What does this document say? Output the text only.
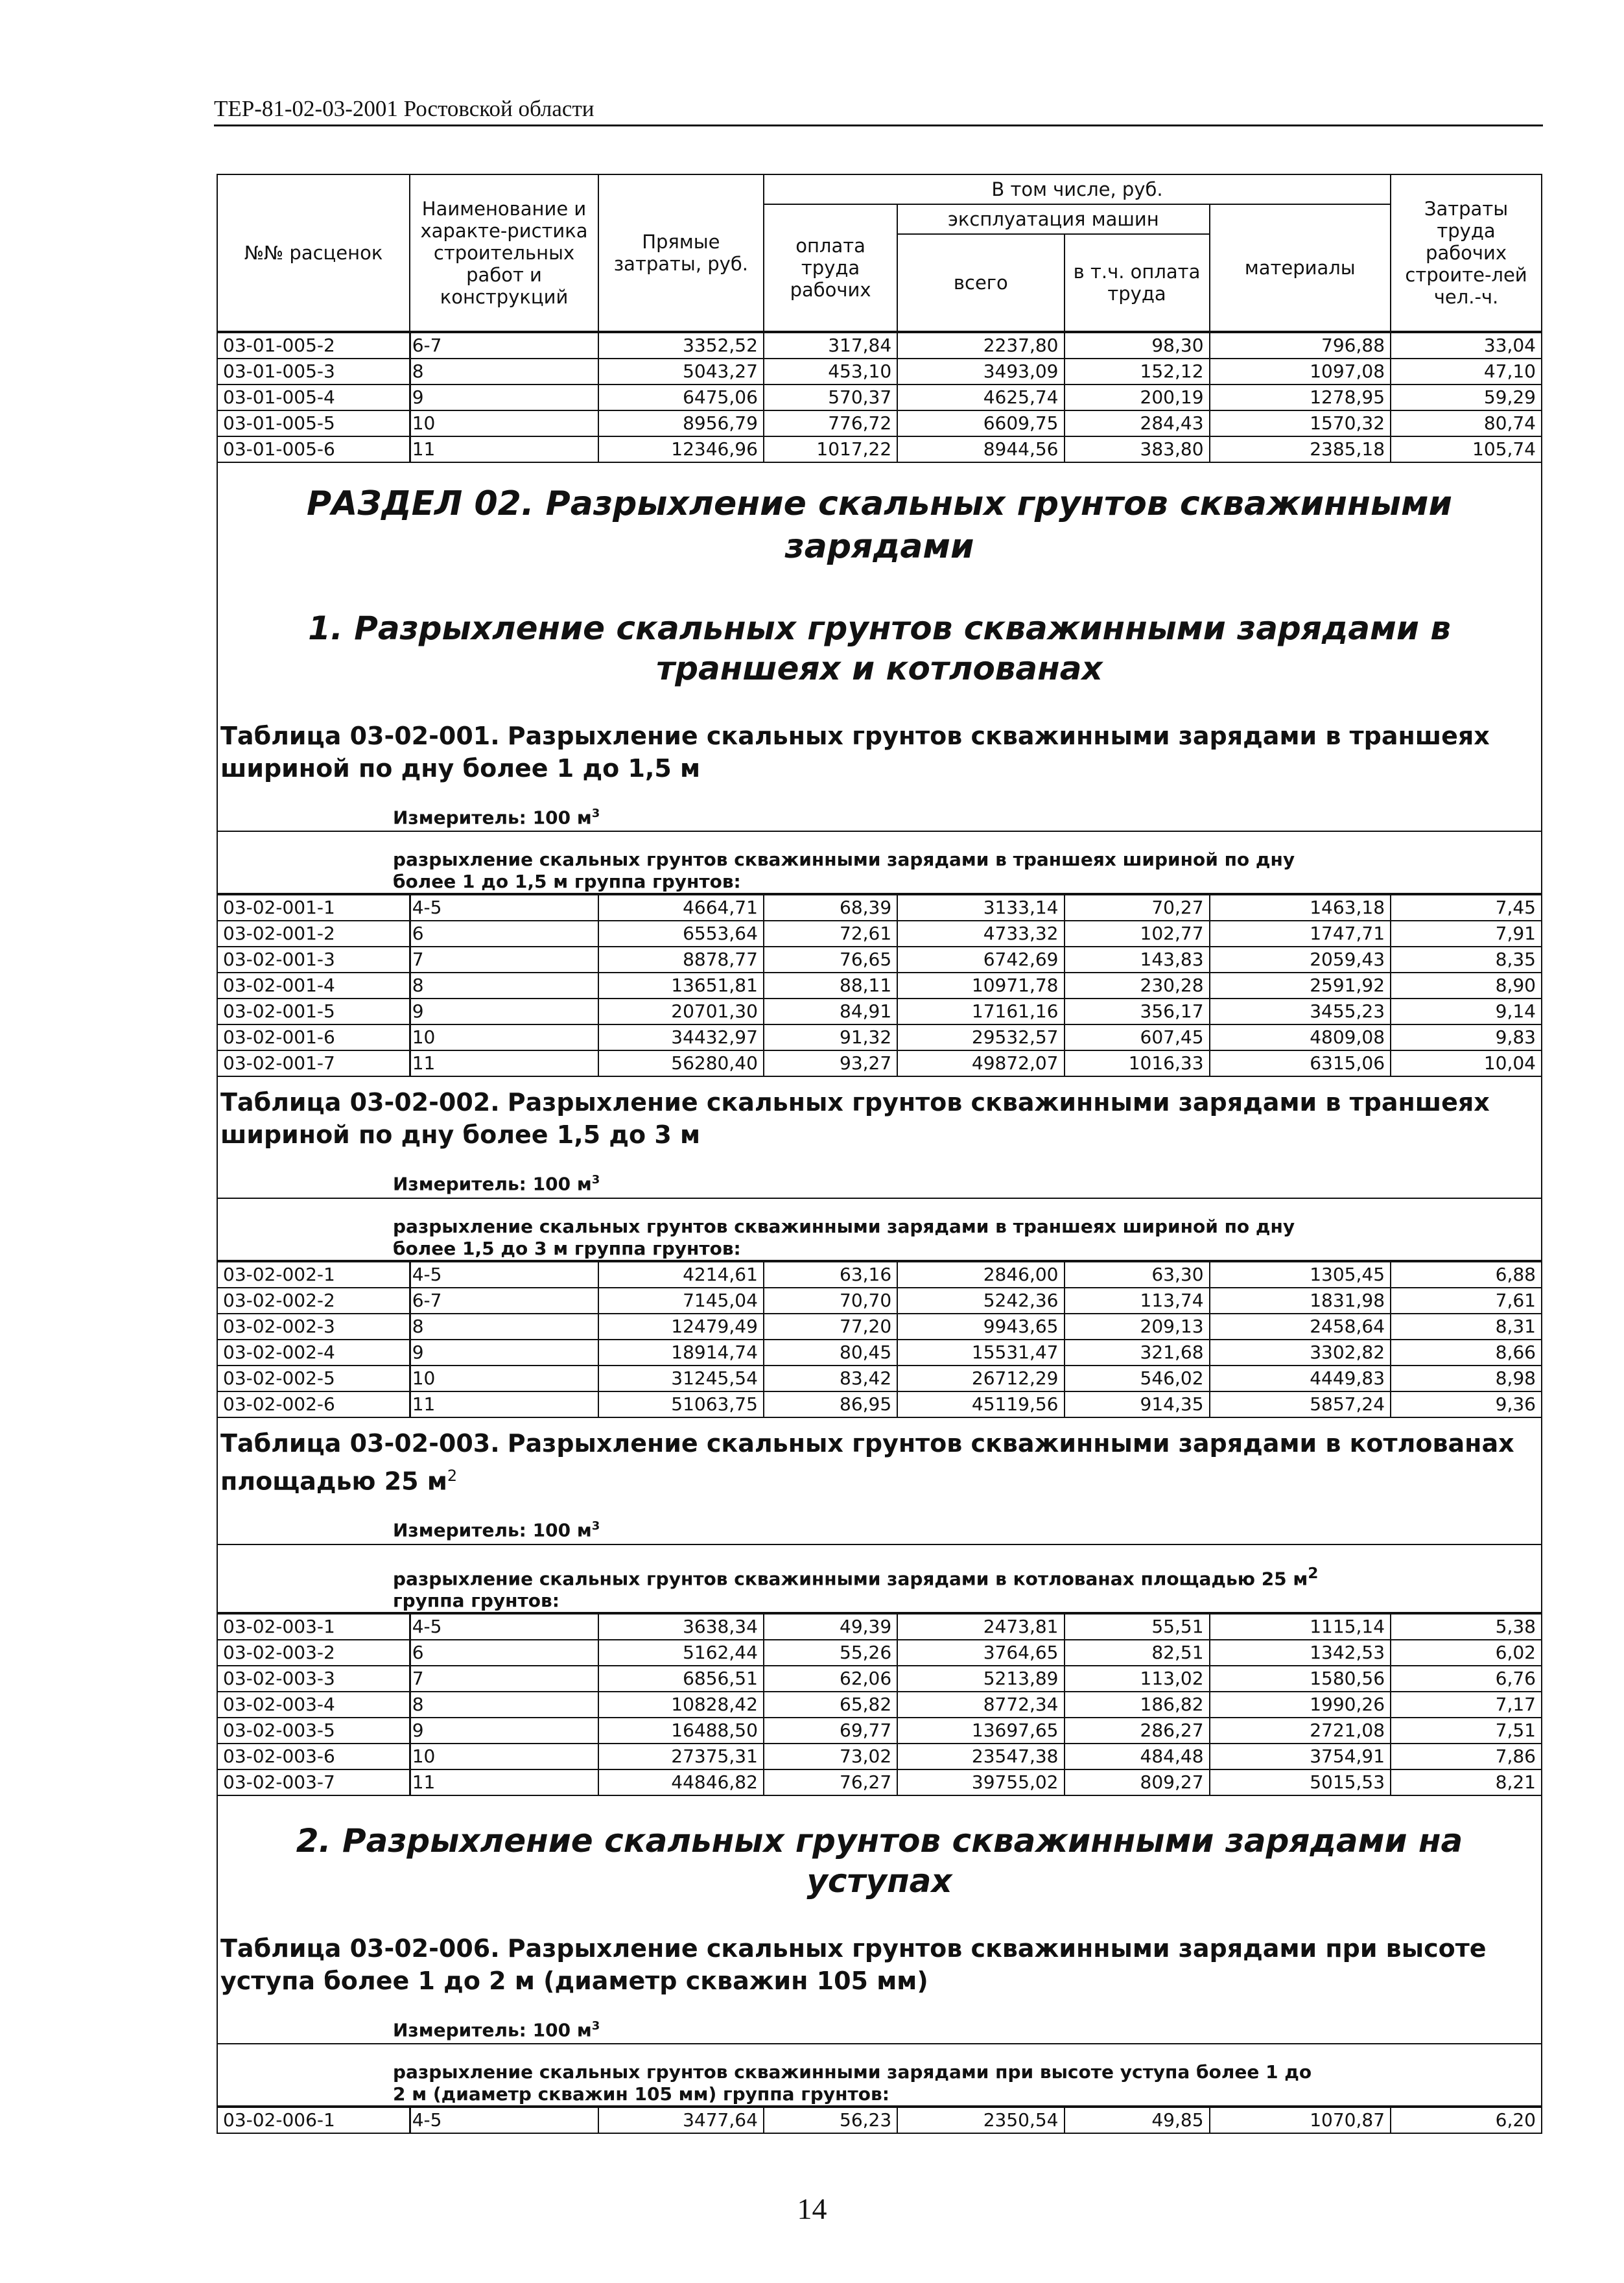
ТЕР-81-02-03-2001 Ростовской области
№№ расценок	Наименование и характе-ристика строительных работ и конструкций	Прямые затраты, руб.	В том числе, руб.				Затраты труда рабочих строите-лей чел.-ч.
			оплата труда рабочих	эксплуатация машин		материалы	
				всего	в т.ч. оплата труда		
03-01-005-2	6-7	3352,52	317,84	2237,80	98,30	796,88	33,04
03-01-005-3	8	5043,27	453,10	3493,09	152,12	1097,08	47,10
03-01-005-4	9	6475,06	570,37	4625,74	200,19	1278,95	59,29
03-01-005-5	10	8956,79	776,72	6609,75	284,43	1570,32	80,74
03-01-005-6	11	12346,96	1017,22	8944,56	383,80	2385,18	105,74
РАЗДЕЛ 02. Разрыхление скальных грунтов скважинными зарядами
1. Разрыхление скальных грунтов скважинными зарядами в траншеях и котлованах
Таблица 03-02-001. Разрыхление скальных грунтов скважинными зарядами в траншеях шириной по дну более 1 до 1,5 м
Измеритель: 100 $м^3$
разрыхление скальных грунтов скважинными зарядами в траншеях шириной по дну
более 1 до 1,5 м группа грунтов:
03-02-001-1	4-5	4664,71	68,39	3133,14	70,27	1463,18	7,45
03-02-001-2	6	6553,64	72,61	4733,32	102,77	1747,71	7,91
03-02-001-3	7	8878,77	76,65	6742,69	143,83	2059,43	8,35
03-02-001-4	8	13651,81	88,11	10971,78	230,28	2591,92	8,90
03-02-001-5	9	20701,30	84,91	17161,16	356,17	3455,23	9,14
03-02-001-6	10	34432,97	91,32	29532,57	607,45	4809,08	9,83
03-02-001-7	11	56280,40	93,27	49872,07	1016,33	6315,06	10,04
Таблица 03-02-002. Разрыхление скальных грунтов скважинными зарядами в траншеях шириной по дну более 1,5 до 3 м
Измеритель: 100 $м^3$
разрыхление скальных грунтов скважинными зарядами в траншеях шириной по дну
более 1,5 до 3 м группа грунтов:
03-02-002-1	4-5	4214,61	63,16	2846,00	63,30	1305,45	6,88
03-02-002-2	6-7	7145,04	70,70	5242,36	113,74	1831,98	7,61
03-02-002-3	8	12479,49	77,20	9943,65	209,13	2458,64	8,31
03-02-002-4	9	18914,74	80,45	15531,47	321,68	3302,82	8,66
03-02-002-5	10	31245,54	83,42	26712,29	546,02	4449,83	8,98
03-02-002-6	11	51063,75	86,95	45119,56	914,35	5857,24	9,36
Таблица 03-02-003. Разрыхление скальных грунтов скважинными зарядами в котлованах площадью 25 $м^2$
Измеритель: 100 $м^3$
разрыхление скальных грунтов скважинными зарядами в котлованах площадью 25 $м^2$
группа грунтов:
03-02-003-1	4-5	3638,34	49,39	2473,81	55,51	1115,14	5,38
03-02-003-2	6	5162,44	55,26	3764,65	82,51	1342,53	6,02
03-02-003-3	7	6856,51	62,06	5213,89	113,02	1580,56	6,76
03-02-003-4	8	10828,42	65,82	8772,34	186,82	1990,26	7,17
03-02-003-5	9	16488,50	69,77	13697,65	286,27	2721,08	7,51
03-02-003-6	10	27375,31	73,02	23547,38	484,48	3754,91	7,86
03-02-003-7	11	44846,82	76,27	39755,02	809,27	5015,53	8,21
2. Разрыхление скальных грунтов скважинными зарядами на уступах
Таблица 03-02-006. Разрыхление скальных грунтов скважинными зарядами при высоте уступа более 1 до 2 м (диаметр скважин 105 мм)
Измеритель: 100 $м^3$
разрыхление скальных грунтов скважинными зарядами при высоте уступа более 1 до
2 м (диаметр скважин 105 мм) группа грунтов:
03-02-006-1	4-5	3477,64	56,23	2350,54	49,85	1070,87	6,20
14
